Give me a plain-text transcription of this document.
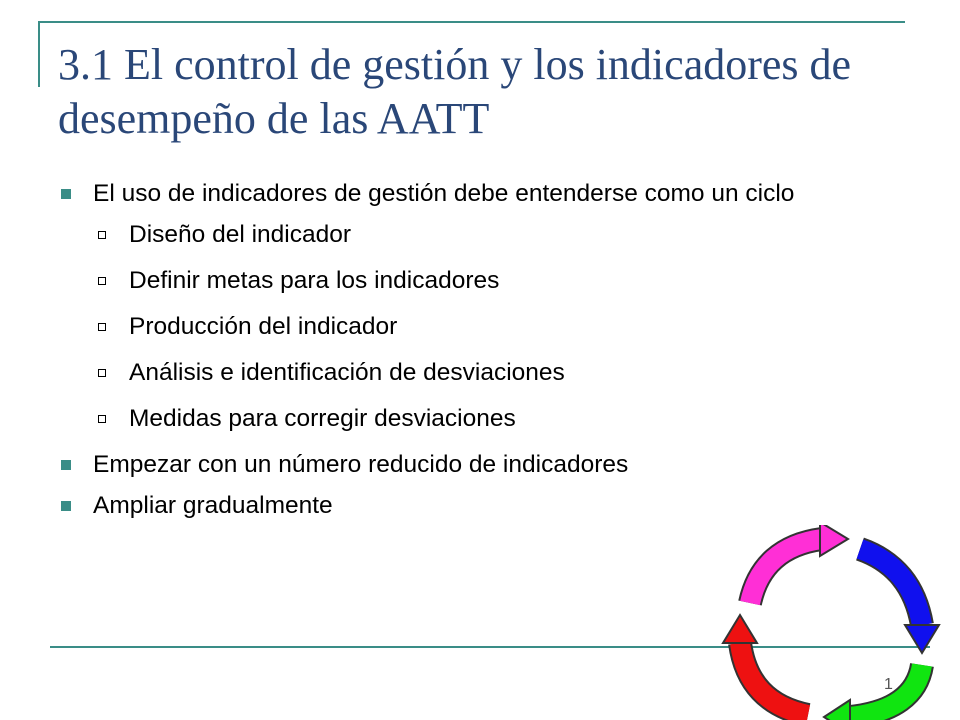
3.1 El control de gestión y los indicadores de desempeño de las AATT
El uso de indicadores de gestión debe entenderse como un ciclo
Diseño del indicador
Definir metas para los indicadores
Producción del indicador
Análisis e identificación de desviaciones
Medidas para corregir desviaciones
Empezar con un número reducido de indicadores
Ampliar gradualmente
1
